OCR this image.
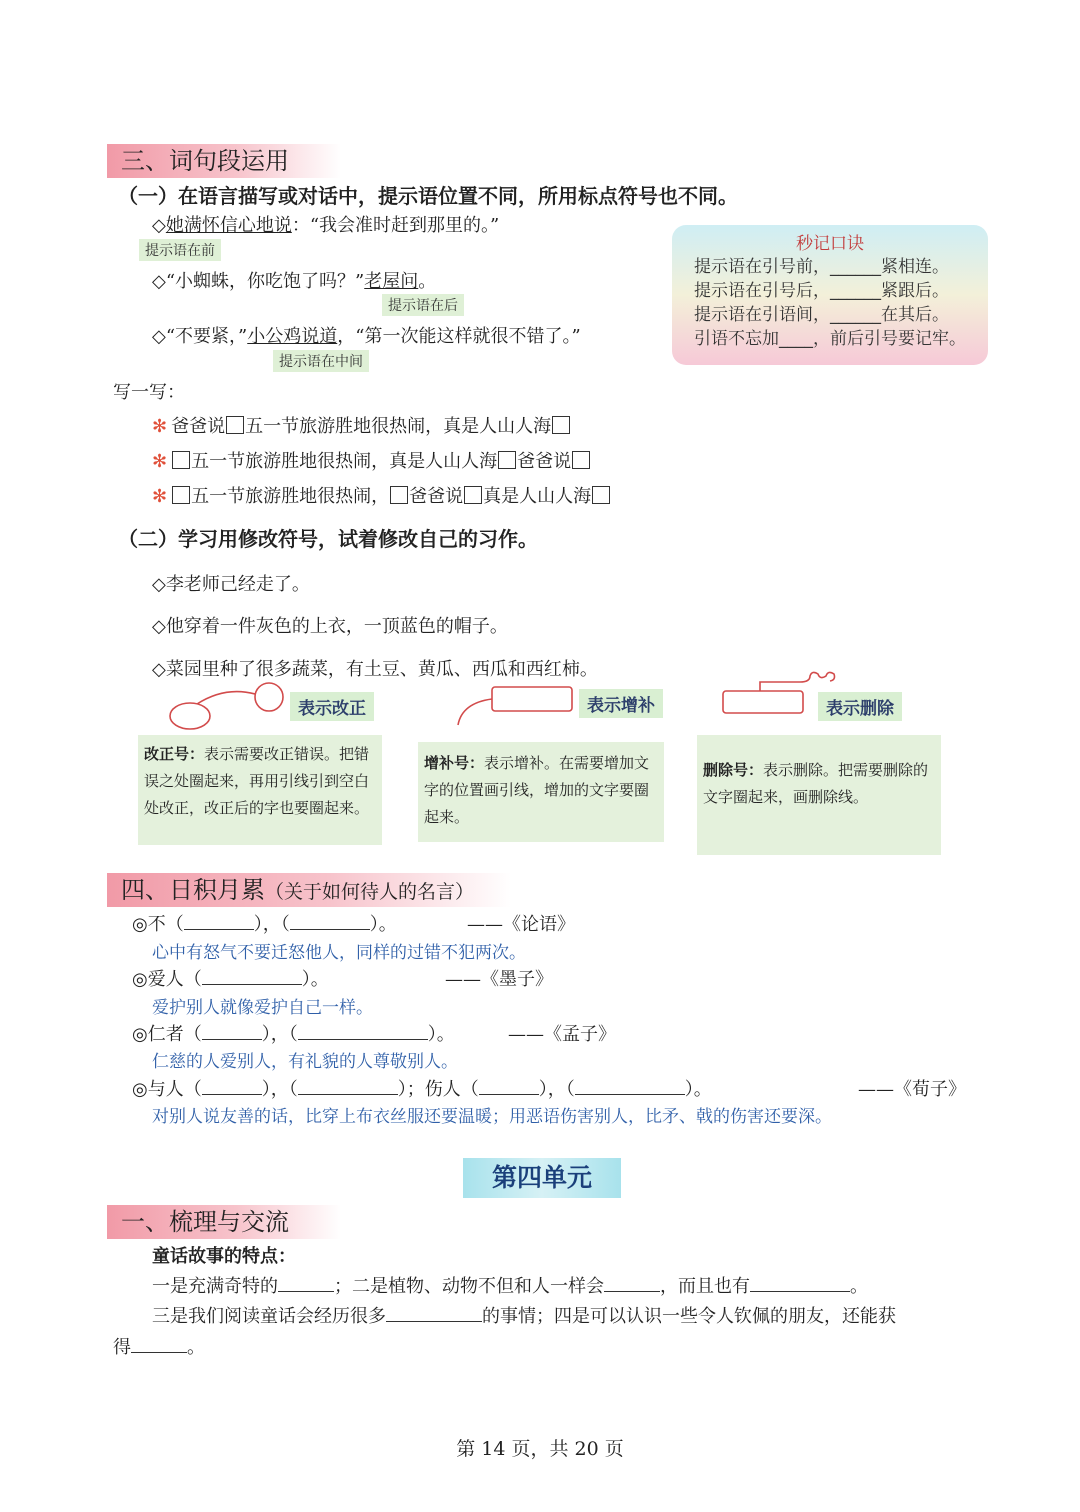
三、词句段运用
（一）在语言描写或对话中，提示语位置不同，所用标点符号也不同。
◇她满怀信心地说：“我会准时赶到那里的。”
提示语在前
◇“小蜘蛛，你吃饱了吗？”老屋问。
提示语在后
◇“不要紧，”小公鸡说道，“第一次能这样就很不错了。”
提示语在中间
秒记口诀
提示语在引号前，______紧相连。
提示语在引号后，______紧跟后。
提示语在引语间，______在其后。
引语不忘加____，前后引号要记牢。
写一写：
✻ 爸爸说 五一节旅游胜地很热闹，真是人山人海
✻ 五一节旅游胜地很热闹，真是人山人海 爸爸说
✻ 五一节旅游胜地很热闹， 爸爸说 真是人山人海
（二）学习用修改符号，试着修改自己的习作。
◇李老师己经走了。
◇他穿着一件灰色的上衣，一顶蓝色的帽子。
◇菜园里种了很多蔬菜，有土豆、黄瓜、西瓜和西红柿。
表示改正	表示增补	表示删除
改正号：表示需要改正错误。把错误之处圈起来，再用引线引到空白处改正，改正后的字也要圈起来。
增补号：表示增补。在需要增加文字的位置画引线，增加的文字要圈起来。
删除号：表示删除。把需要删除的文字圈起来，画删除线。
四、日积月累（关于如何待人的名言）
◎不（	），（	）。	——《论语》
心中有怒气不要迁怒他人，同样的过错不犯两次。
◎爱人（	）。	——《墨子》
爱护别人就像爱护自己一样。
◎仁者（	），（	）。	——《孟子》
仁慈的人爱别人，有礼貌的人尊敬别人。
◎与人（	），（	）；伤人（	），（	）。	——《荀子》
对别人说友善的话，比穿上布衣丝服还要温暖；用恶语伤害别人，比矛、戟的伤害还要深。
第四单元
一、梳理与交流
童话故事的特点：
一是充满奇特的	；二是植物、动物不但和人一样会	，而且也有	。
三是我们阅读童话会经历很多	的事情；四是可以认识一些令人钦佩的朋友，还能获
得	。
第 14 页，共 20 页
